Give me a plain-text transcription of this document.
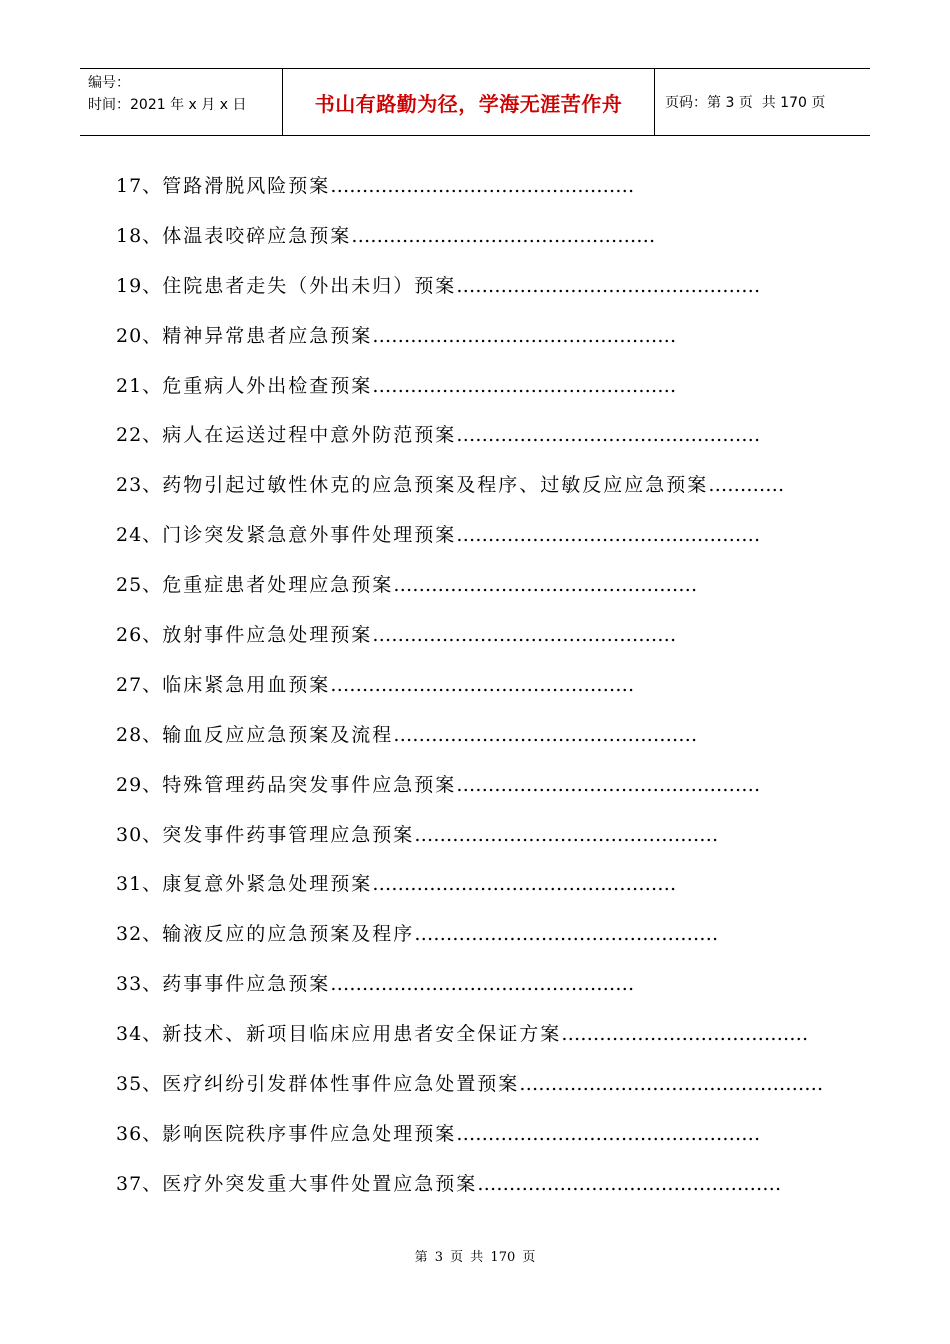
编号：
时间：2021 年 x 月 x 日	书山有路勤为径，学海无涯苦作舟	页码：第 3 页  共 170 页
17、管路滑脱风险预案…………………………………………
18、体温表咬碎应急预案…………………………………………
19、住院患者走失（外出未归）预案…………………………………………
20、精神异常患者应急预案…………………………………………
21、危重病人外出检查预案…………………………………………
22、病人在运送过程中意外防范预案…………………………………………
23、药物引起过敏性休克的应急预案及程序、过敏反应应急预案…………
24、门诊突发紧急意外事件处理预案…………………………………………
25、危重症患者处理应急预案…………………………………………
26、放射事件应急处理预案…………………………………………
27、临床紧急用血预案…………………………………………
28、输血反应应急预案及流程…………………………………………
29、特殊管理药品突发事件应急预案…………………………………………
30、突发事件药事管理应急预案…………………………………………
31、康复意外紧急处理预案…………………………………………
32、输液反应的应急预案及程序…………………………………………
33、药事事件应急预案…………………………………………
34、新技术、新项目临床应用患者安全保证方案…………………………………
35、医疗纠纷引发群体性事件应急处置预案…………………………………………
36、影响医院秩序事件应急处理预案…………………………………………
37、医疗外突发重大事件处置应急预案…………………………………………
第 3 页 共 170 页
